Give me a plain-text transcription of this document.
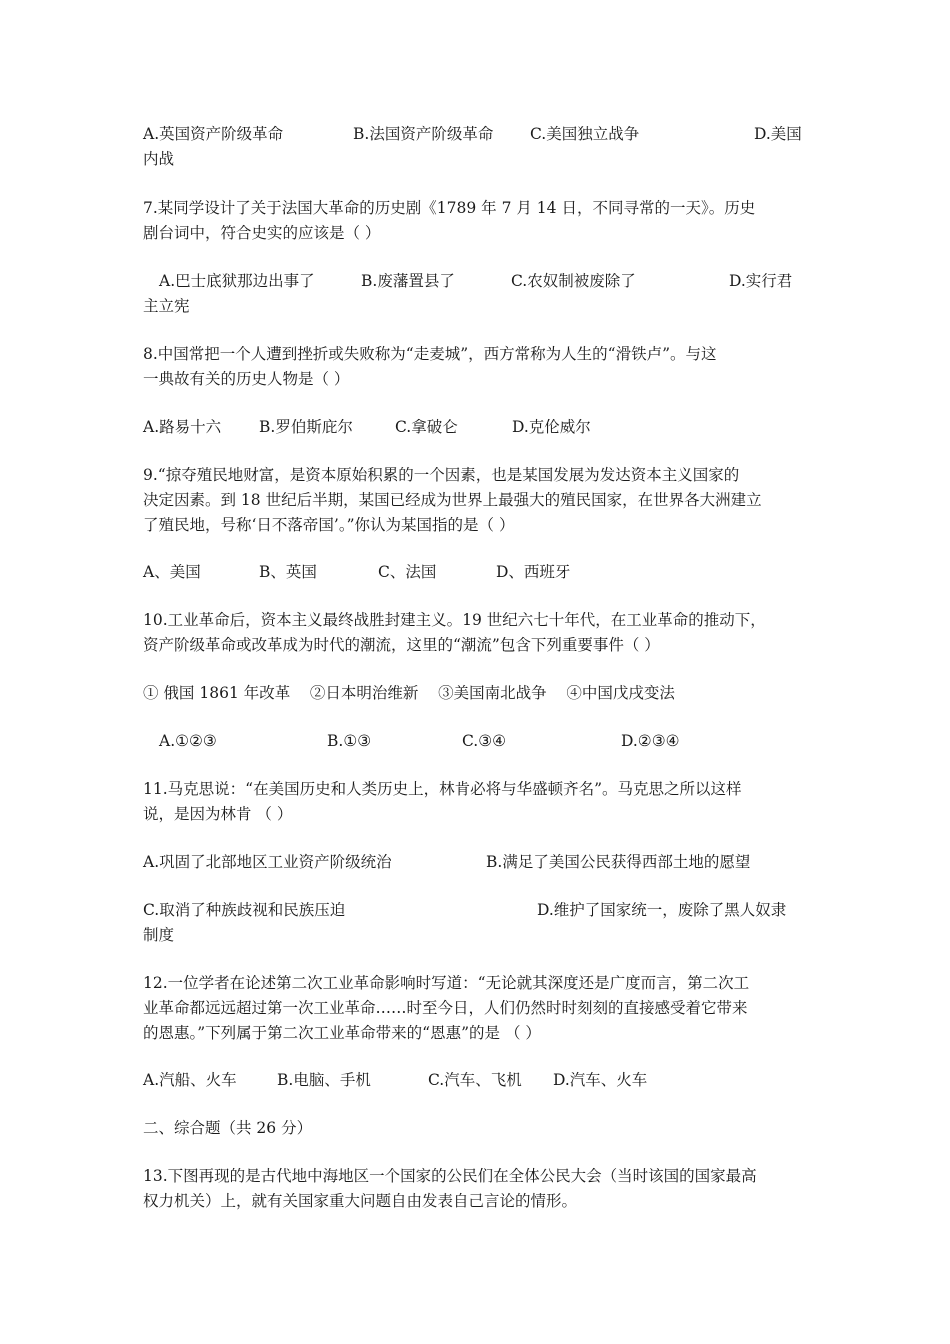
A.英国资产阶级革命	B.法国资产阶级革命 C.美国独立战争	D.美国
内战

7.某同学设计了关于法国大革命的历史剧《1789 年 7 月 14 日，不同寻常的一天》。历史

剧台词中，符合史实的应该是（ ）

A.巴士底狱那边出事了	B.废藩置县了	C.农奴制被废除了	D.实行君
主立宪

8.中国常把一个人遭到挫折或失败称为“走麦城”，西方常称为人生的“滑铁卢”。与这

一典故有关的历史人物是（ ）

A.路易十六 B.罗伯斯庇尔	C.拿破仑	D.克伦威尔

9.“掠夺殖民地财富，是资本原始积累的一个因素，也是某国发展为发达资本主义国家的

决定因素。到 18 世纪后半期，某国已经成为世界上最强大的殖民国家，在世界各大洲建立

了殖民地，号称‘日不落帝国’。”你认为某国指的是（ ）

A、美国	B、英国	C、法国	D、西班牙

10.工业革命后，资本主义最终战胜封建主义。19 世纪六七十年代，在工业革命的推动下，

资产阶级革命或改革成为时代的潮流，这里的“潮流”包含下列重要事件（ ）

① 俄国 1861 年改革    ②日本明治维新    ③美国南北战争    ④中国戊戌变法

A.①②③	B.①③	C.③④	D.②③④

11.马克思说：“在美国历史和人类历史上，林肯必将与华盛顿齐名”。马克思之所以这样

说，是因为林肯 （ ）

A.巩固了北部地区工业资产阶级统治	B.满足了美国公民获得西部土地的愿望
C.取消了种族歧视和民族压迫	D.维护了国家统一，废除了黑人奴隶
制度

12.一位学者在论述第二次工业革命影响时写道：“无论就其深度还是广度而言，第二次工

业革命都远远超过第一次工业革命……时至今日，人们仍然时时刻刻的直接感受着它带来

的恩惠。”下列属于第二次工业革命带来的“恩惠”的是 （ ）

A.汽船、火车	B.电脑、手机	C.汽车、飞机 D.汽车、火车

二、综合题（共 26 分）

13.下图再现的是古代地中海地区一个国家的公民们在全体公民大会（当时该国的国家最高

权力机关）上，就有关国家重大问题自由发表自己言论的情形。
